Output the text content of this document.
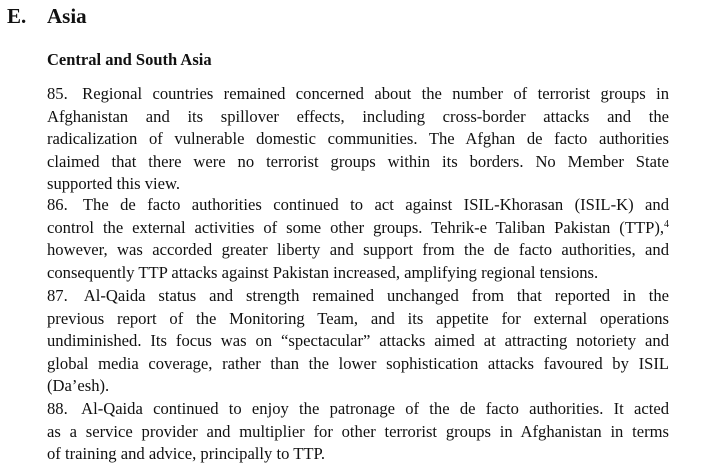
E. Asia
Central and South Asia
85. Regional countries remained concerned about the number of terrorist groups in
Afghanistan and its spillover effects, including cross-border attacks and the
radicalization of vulnerable domestic communities. The Afghan de facto authorities
claimed that there were no terrorist groups within its borders. No Member State
supported this view.
86. The de facto authorities continued to act against ISIL-Khorasan (ISIL-K) and
control the external activities of some other groups. Tehrik-e Taliban Pakistan (TTP),$^4$
however, was accorded greater liberty and support from the de facto authorities, and
consequently TTP attacks against Pakistan increased, amplifying regional tensions.
87. Al-Qaida status and strength remained unchanged from that reported in the
previous report of the Monitoring Team, and its appetite for external operations
undiminished. Its focus was on “spectacular” attacks aimed at attracting notoriety and
global media coverage, rather than the lower sophistication attacks favoured by ISIL
(Da’esh).
88. Al-Qaida continued to enjoy the patronage of the de facto authorities. It acted
as a service provider and multiplier for other terrorist groups in Afghanistan in terms
of training and advice, principally to TTP.
